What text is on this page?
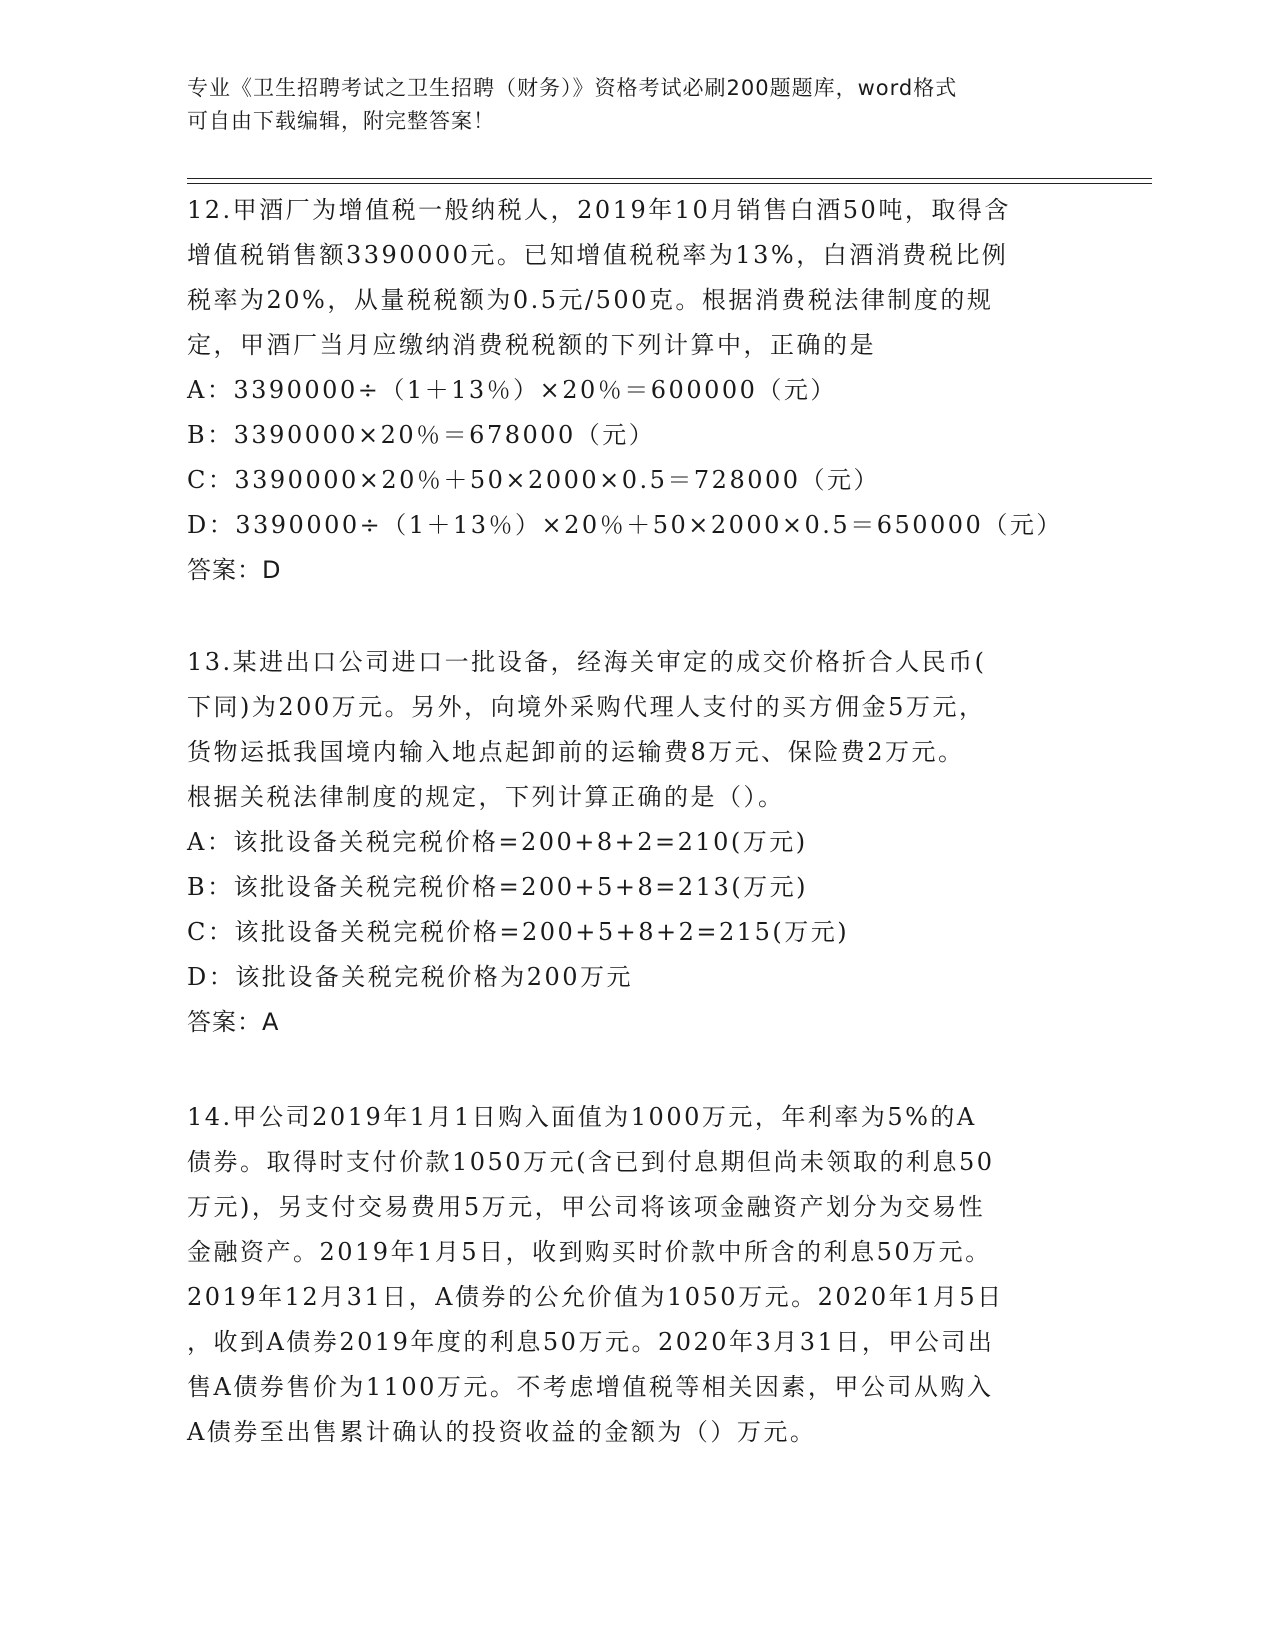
专业《卫生招聘考试之卫生招聘（财务）》资格考试必刷200题题库，word格式
可自由下载编辑，附完整答案！
12.甲酒厂为增值税一般纳税人，2019年10月销售白酒50吨，取得含
增值税销售额3390000元。已知增值税税率为13%，白酒消费税比例
税率为20%，从量税税额为0.5元/500克。根据消费税法律制度的规
定，甲酒厂当月应缴纳消费税税额的下列计算中，正确的是
A：3390000÷（1＋13％）×20％＝600000（元）
B：3390000×20％＝678000（元）
C：3390000×20％＋50×2000×0.5＝728000（元）
D：3390000÷（1＋13％）×20％＋50×2000×0.5＝650000（元）
答案：D
13.某进出口公司进口一批设备，经海关审定的成交价格折合人民币(
下同)为200万元。另外，向境外采购代理人支付的买方佣金5万元，
货物运抵我国境内输入地点起卸前的运输费8万元、保险费2万元。
根据关税法律制度的规定，下列计算正确的是（）。
A：该批设备关税完税价格=200+8+2=210(万元)
B：该批设备关税完税价格=200+5+8=213(万元)
C：该批设备关税完税价格=200+5+8+2=215(万元)
D：该批设备关税完税价格为200万元
答案：A
14.甲公司2019年1月1日购入面值为1000万元，年利率为5%的A
债券。取得时支付价款1050万元(含已到付息期但尚未领取的利息50
万元)，另支付交易费用5万元，甲公司将该项金融资产划分为交易性
金融资产。2019年1月5日，收到购买时价款中所含的利息50万元。
2019年12月31日，A债券的公允价值为1050万元。2020年1月5日
，收到A债券2019年度的利息50万元。2020年3月31日，甲公司出
售A债券售价为1100万元。不考虑增值税等相关因素，甲公司从购入
A债券至出售累计确认的投资收益的金额为（）万元。
